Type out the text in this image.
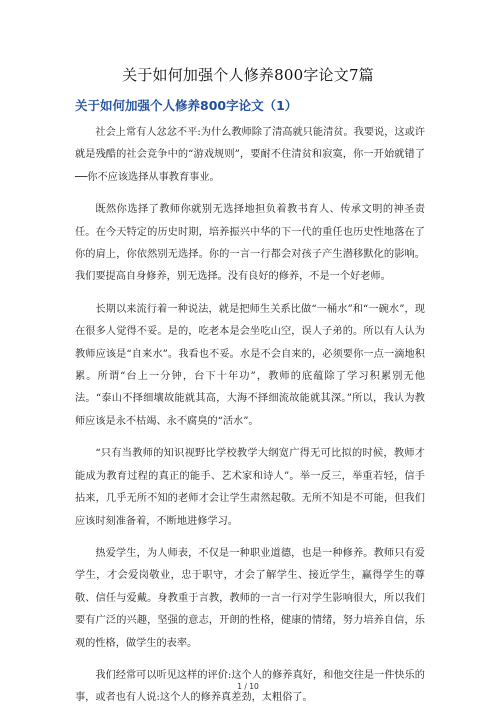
关于如何加强个人修养800字论文7篇
关于如何加强个人修养800字论文（1）

社会上常有人忿忿不平:为什么教师除了清高就只能清贫。我要说，这或许就是残酷的社会竞争中的“游戏规则”，要耐不住清贫和寂寞，你一开始就错了──你不应该选择从事教育事业。

既然你选择了教师你就别无选择地担负着教书育人、传承文明的神圣责任。在今天特定的历史时期，培养振兴中华的下一代的重任也历史性地落在了你的肩上，你依然别无选择。你的一言一行都会对孩子产生潜移默化的影响。我们要提高自身修养，别无选择。没有良好的修养，不是一个好老师。

长期以来流行着一种说法，就是把师生关系比做“一桶水”和“一碗水”，现在很多人觉得不妥。是的，吃老本是会坐吃山空，误人子弟的。所以有人认为教师应该是“自来水”。我看也不妥。水是不会自来的，必须要你一点一滴地积累。所谓“台上一分钟，台下十年功”，教师的底蕴除了学习积累别无他法。“泰山不择细壤故能就其高，大海不择细流故能就其深。”所以，我认为教师应该是永不枯竭、永不腐臭的“活水”。

“只有当教师的知识视野比学校教学大纲宽广得无可比拟的时候，教师才能成为教育过程的真正的能手、艺术家和诗人”。举一反三，举重若轻，信手拈来，几乎无所不知的老师才会让学生肃然起敬。无所不知是不可能，但我们应该时刻准备着，不断地进修学习。

热爱学生，为人师表，不仅是一种职业道德，也是一种修养。教师只有爱学生，才会爱岗敬业，忠于职守，才会了解学生、接近学生，赢得学生的尊敬、信任与爱戴。身教重于言教，教师的一言一行对学生影响很大，所以我们要有广泛的兴趣，坚强的意志，开朗的性格，健康的情绪，努力培养自信，乐观的性格，做学生的表率。

我们经常可以听见这样的评价:这个人的修养真好，和他交往是一件快乐的事，或者也有人说:这个人的修养真差劲，太粗俗了。

1 / 10
